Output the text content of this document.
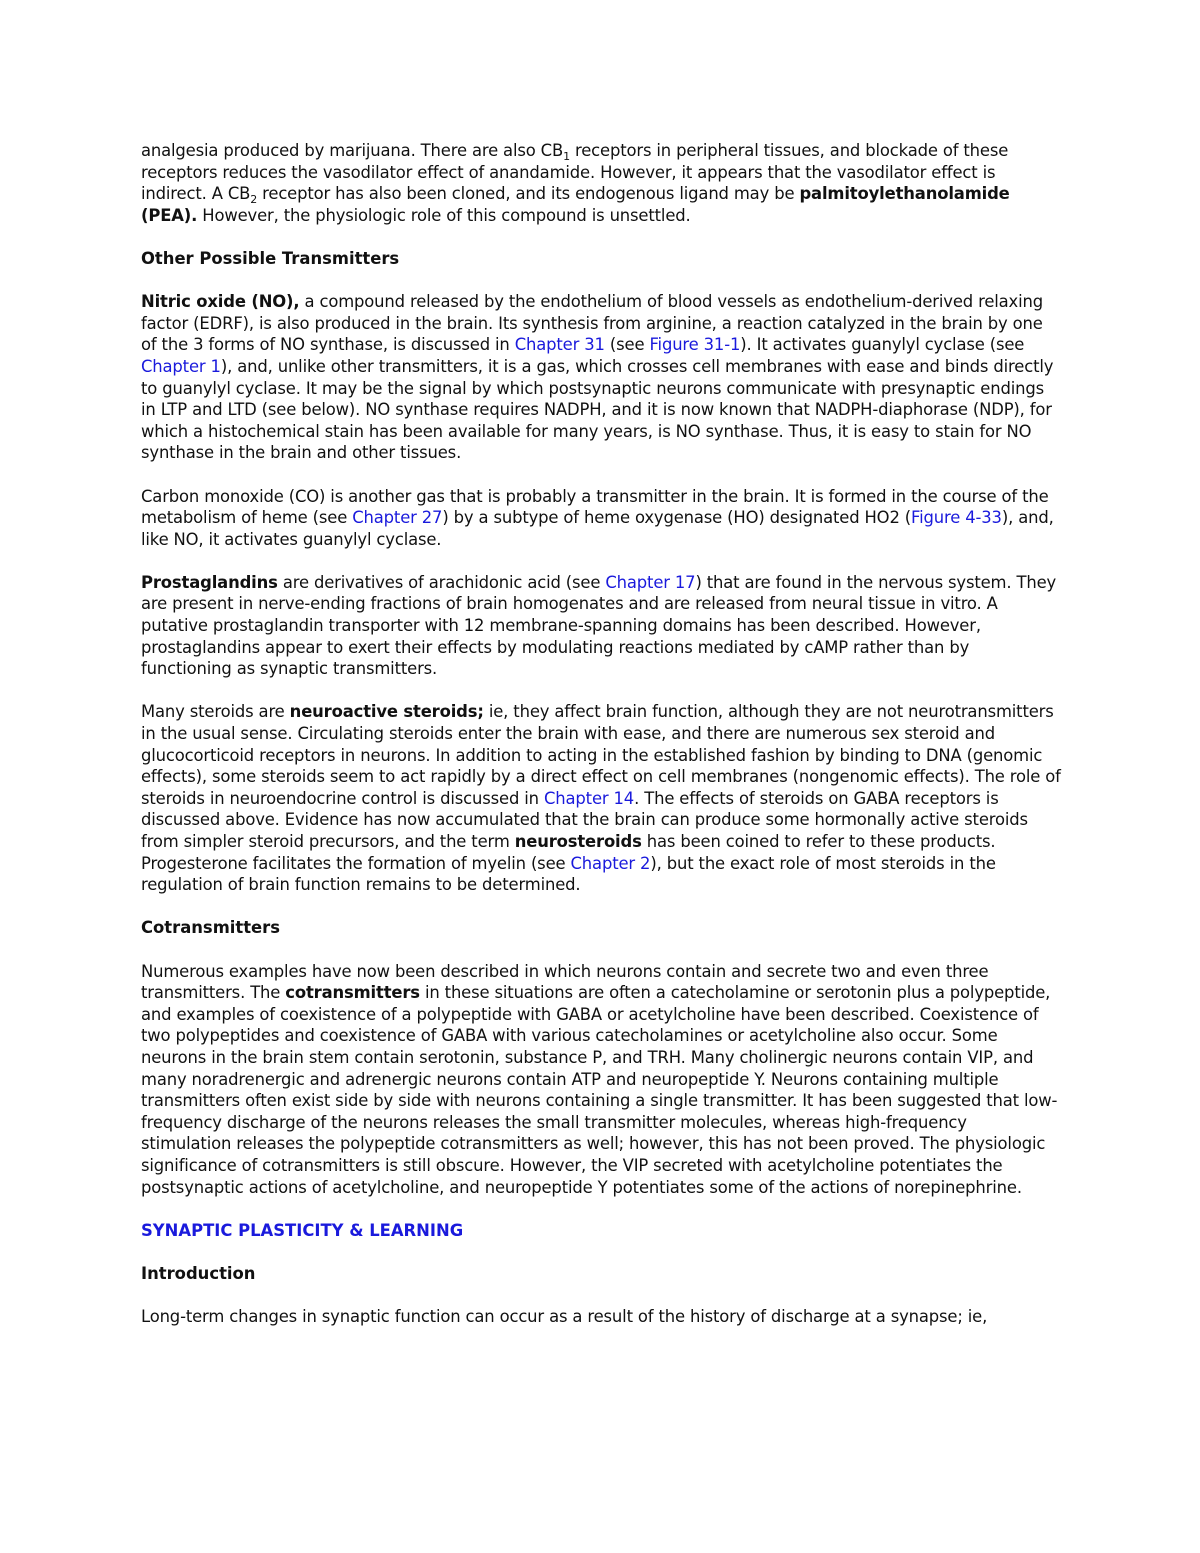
analgesia produced by marijuana. There are also $CB_1$ receptors in peripheral tissues, and blockade of these receptors reduces the vasodilator effect of anandamide. However, it appears that the vasodilator effect is indirect. A $CB_2$ receptor has also been cloned, and its endogenous ligand may be palmitoylethanolamide (PEA). However, the physiologic role of this compound is unsettled.

Other Possible Transmitters

Nitric oxide (NO), a compound released by the endothelium of blood vessels as endothelium-derived relaxing factor (EDRF), is also produced in the brain. Its synthesis from arginine, a reaction catalyzed in the brain by one of the 3 forms of NO synthase, is discussed in Chapter 31 (see Figure 31-1). It activates guanylyl cyclase (see Chapter 1), and, unlike other transmitters, it is a gas, which crosses cell membranes with ease and binds directly to guanylyl cyclase. It may be the signal by which postsynaptic neurons communicate with presynaptic endings in LTP and LTD (see below). NO synthase requires NADPH, and it is now known that NADPH-diaphorase (NDP), for which a histochemical stain has been available for many years, is NO synthase. Thus, it is easy to stain for NO synthase in the brain and other tissues.

Carbon monoxide (CO) is another gas that is probably a transmitter in the brain. It is formed in the course of the metabolism of heme (see Chapter 27) by a subtype of heme oxygenase (HO) designated HO2 (Figure 4-33), and, like NO, it activates guanylyl cyclase.

Prostaglandins are derivatives of arachidonic acid (see Chapter 17) that are found in the nervous system. They are present in nerve-ending fractions of brain homogenates and are released from neural tissue in vitro. A putative prostaglandin transporter with 12 membrane-spanning domains has been described. However, prostaglandins appear to exert their effects by modulating reactions mediated by cAMP rather than by functioning as synaptic transmitters.

Many steroids are neuroactive steroids; ie, they affect brain function, although they are not neurotransmitters in the usual sense. Circulating steroids enter the brain with ease, and there are numerous sex steroid and glucocorticoid receptors in neurons. In addition to acting in the established fashion by binding to DNA (genomic effects), some steroids seem to act rapidly by a direct effect on cell membranes (nongenomic effects). The role of steroids in neuroendocrine control is discussed in Chapter 14. The effects of steroids on GABA receptors is discussed above. Evidence has now accumulated that the brain can produce some hormonally active steroids from simpler steroid precursors, and the term neurosteroids has been coined to refer to these products. Progesterone facilitates the formation of myelin (see Chapter 2), but the exact role of most steroids in the regulation of brain function remains to be determined.

Cotransmitters

Numerous examples have now been described in which neurons contain and secrete two and even three transmitters. The cotransmitters in these situations are often a catecholamine or serotonin plus a polypeptide, and examples of coexistence of a polypeptide with GABA or acetylcholine have been described. Coexistence of two polypeptides and coexistence of GABA with various catecholamines or acetylcholine also occur. Some neurons in the brain stem contain serotonin, substance P, and TRH. Many cholinergic neurons contain VIP, and many noradrenergic and adrenergic neurons contain ATP and neuropeptide Y. Neurons containing multiple transmitters often exist side by side with neurons containing a single transmitter. It has been suggested that low-frequency discharge of the neurons releases the small transmitter molecules, whereas high-frequency stimulation releases the polypeptide cotransmitters as well; however, this has not been proved. The physiologic significance of cotransmitters is still obscure. However, the VIP secreted with acetylcholine potentiates the postsynaptic actions of acetylcholine, and neuropeptide Y potentiates some of the actions of norepinephrine.

SYNAPTIC PLASTICITY & LEARNING

Introduction

Long-term changes in synaptic function can occur as a result of the history of discharge at a synapse; ie,
